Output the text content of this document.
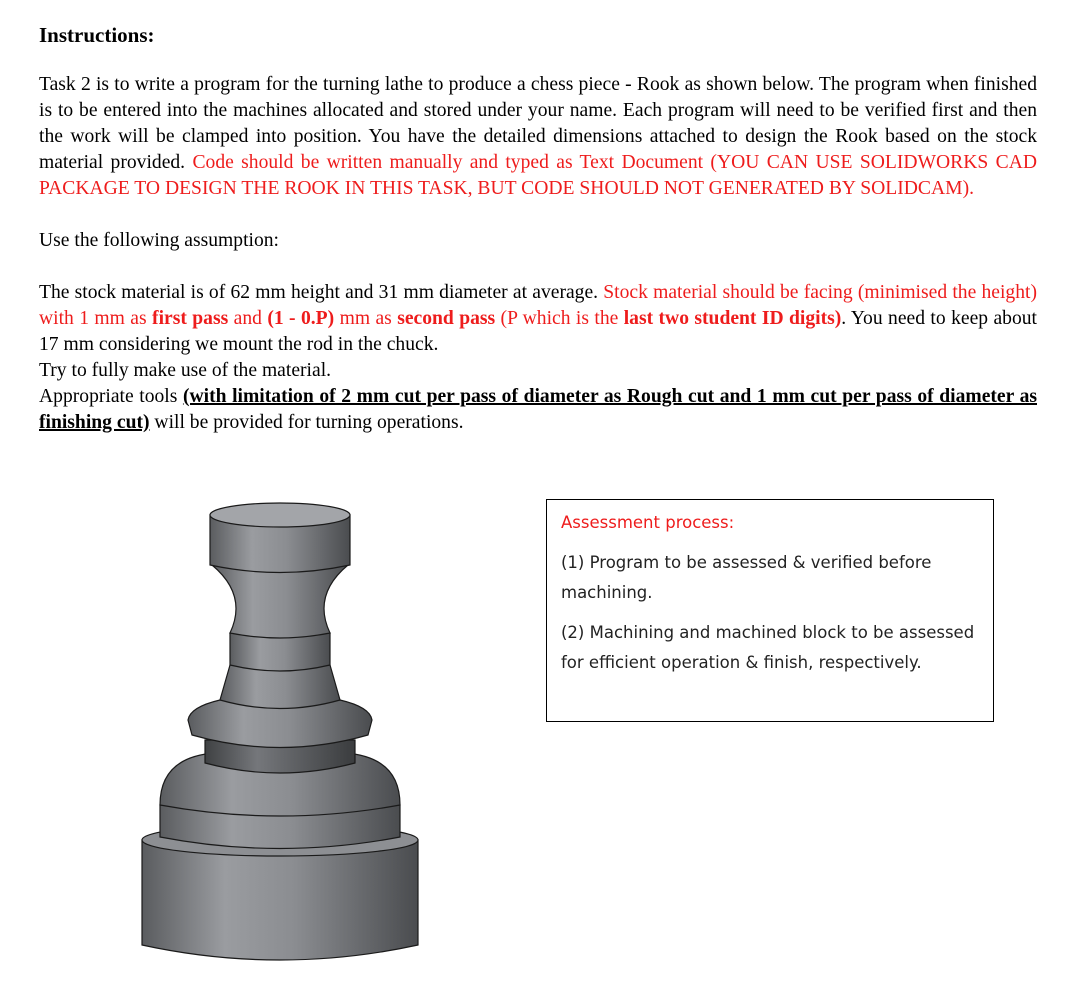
Instructions:

Task 2 is to write a program for the turning lathe to produce a chess piece - Rook as shown below. The program when finished is to be entered into the machines allocated and stored under your name. Each program will need to be verified first and then the work will be clamped into position. You have the detailed dimensions attached to design the Rook based on the stock material provided. Code should be written manually and typed as Text Document (YOU CAN USE SOLIDWORKS CAD PACKAGE TO DESIGN THE ROOK IN THIS TASK, BUT CODE SHOULD NOT GENERATED BY SOLIDCAM).

Use the following assumption:

The stock material is of 62 mm height and 31 mm diameter at average. Stock material should be facing (minimised the height) with 1 mm as first pass and (1 - 0.P) mm as second pass (P which is the last two student ID digits). You need to keep about 17 mm considering we mount the rod in the chuck.
Try to fully make use of the material.
Appropriate tools (with limitation of 2 mm cut per pass of diameter as Rough cut and 1 mm cut per pass of diameter as finishing cut) will be provided for turning operations.

Assessment process:
(1) Program to be assessed & verified before machining.
(2) Machining and machined block to be assessed for efficient operation & finish, respectively.
